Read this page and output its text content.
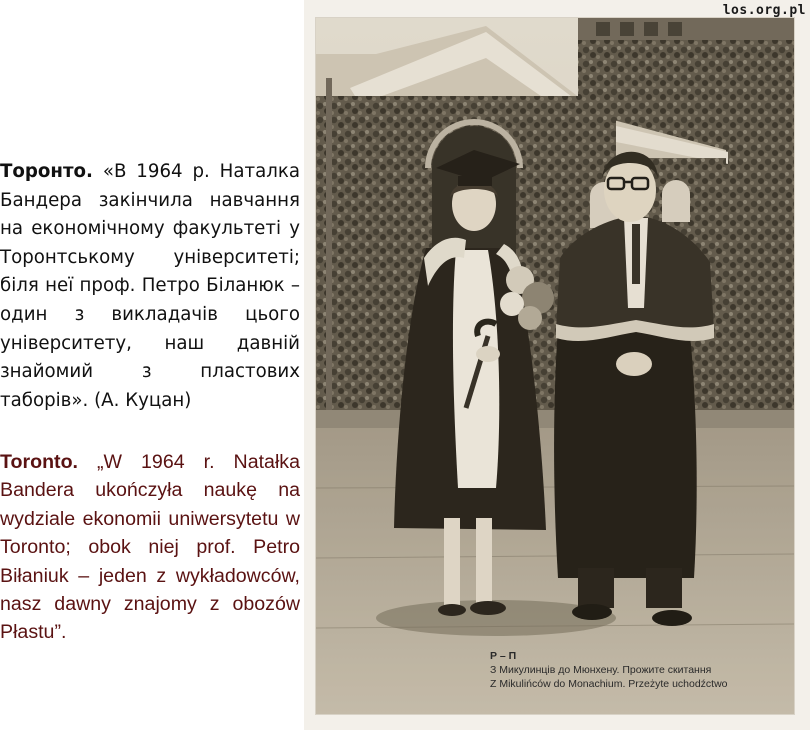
Торонто. «В 1964 р. Наталка Бандера закінчила навчання на економічному факультеті у Торонтському університеті; біля неї проф. Петро Біланюк – один з викладачів цього університету, наш давній знайомий з пластових таборів». (А. Куцан)
Toronto. „W 1964 r. Natałka Bandera ukończyła naukę na wydziale ekonomii uniwersytetu w Toronto; obok niej prof. Petro Biłaniuk – jeden z wykładowców, nasz dawny znajomy z obozów Płastu”.
los.org.pl
Р – П
З Микулинців до Мюнхену. Прожите скитання
Z Mikulińców do Monachium. Przeżyte uchodźctwo
